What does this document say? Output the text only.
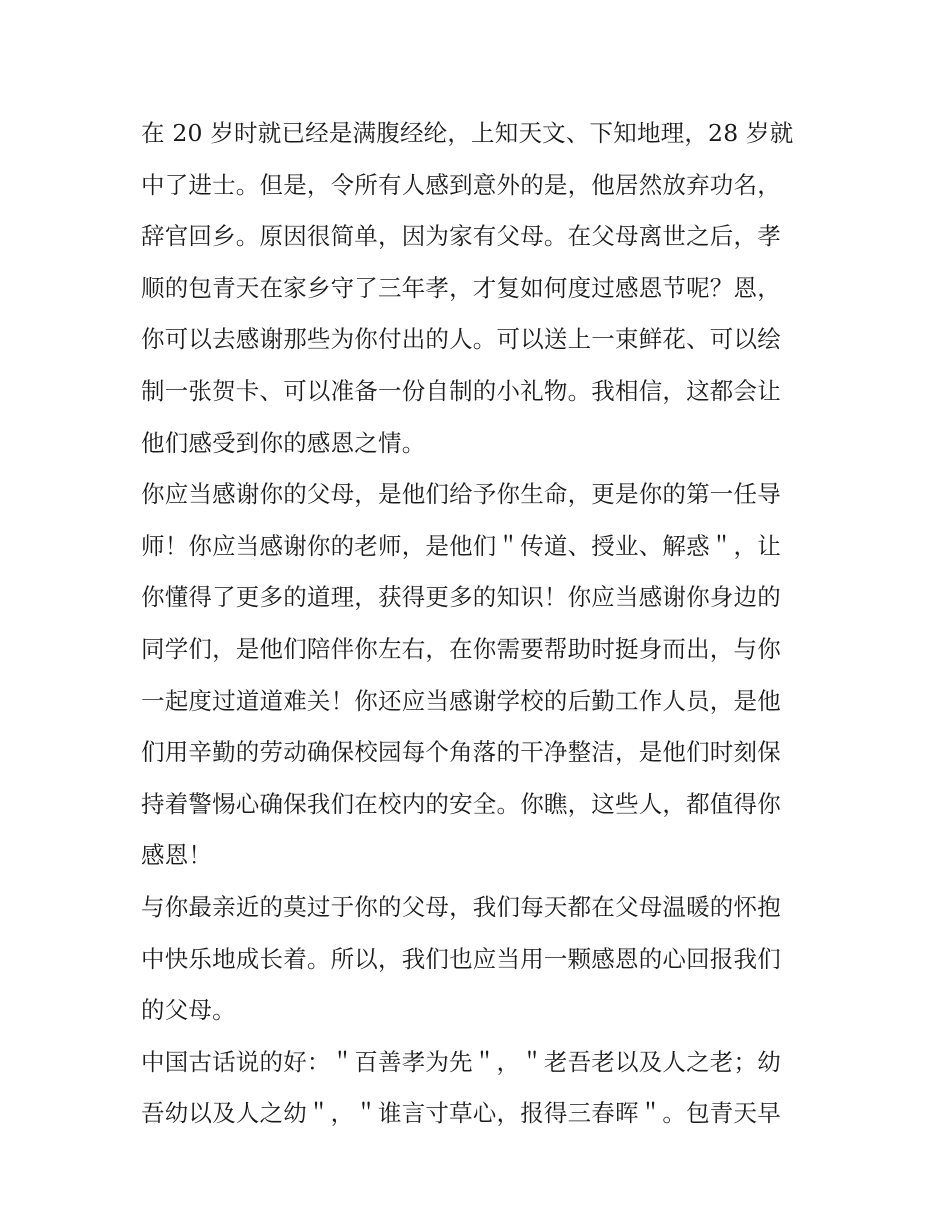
在 20 岁时就已经是满腹经纶，上知天文、下知地理，28 岁就
中了进士。但是，令所有人感到意外的是，他居然放弃功名，
辞官回乡。原因很简单，因为家有父母。在父母离世之后，孝
顺的包青天在家乡守了三年孝，才复如何度过感恩节呢？恩，
你可以去感谢那些为你付出的人。可以送上一束鲜花、可以绘
制一张贺卡、可以准备一份自制的小礼物。我相信，这都会让
他们感受到你的感恩之情。
你应当感谢你的父母，是他们给予你生命，更是你的第一任导
师！你应当感谢你的老师，是他们＂传道、授业、解惑＂，让
你懂得了更多的道理，获得更多的知识！你应当感谢你身边的
同学们，是他们陪伴你左右，在你需要帮助时挺身而出，与你
一起度过道道难关！你还应当感谢学校的后勤工作人员，是他
们用辛勤的劳动确保校园每个角落的干净整洁，是他们时刻保
持着警惕心确保我们在校内的安全。你瞧，这些人，都值得你
感恩！
与你最亲近的莫过于你的父母，我们每天都在父母温暖的怀抱
中快乐地成长着。所以，我们也应当用一颗感恩的心回报我们
的父母。
中国古话说的好：＂百善孝为先＂，＂老吾老以及人之老；幼
吾幼以及人之幼＂，＂谁言寸草心，报得三春晖＂。包青天早
